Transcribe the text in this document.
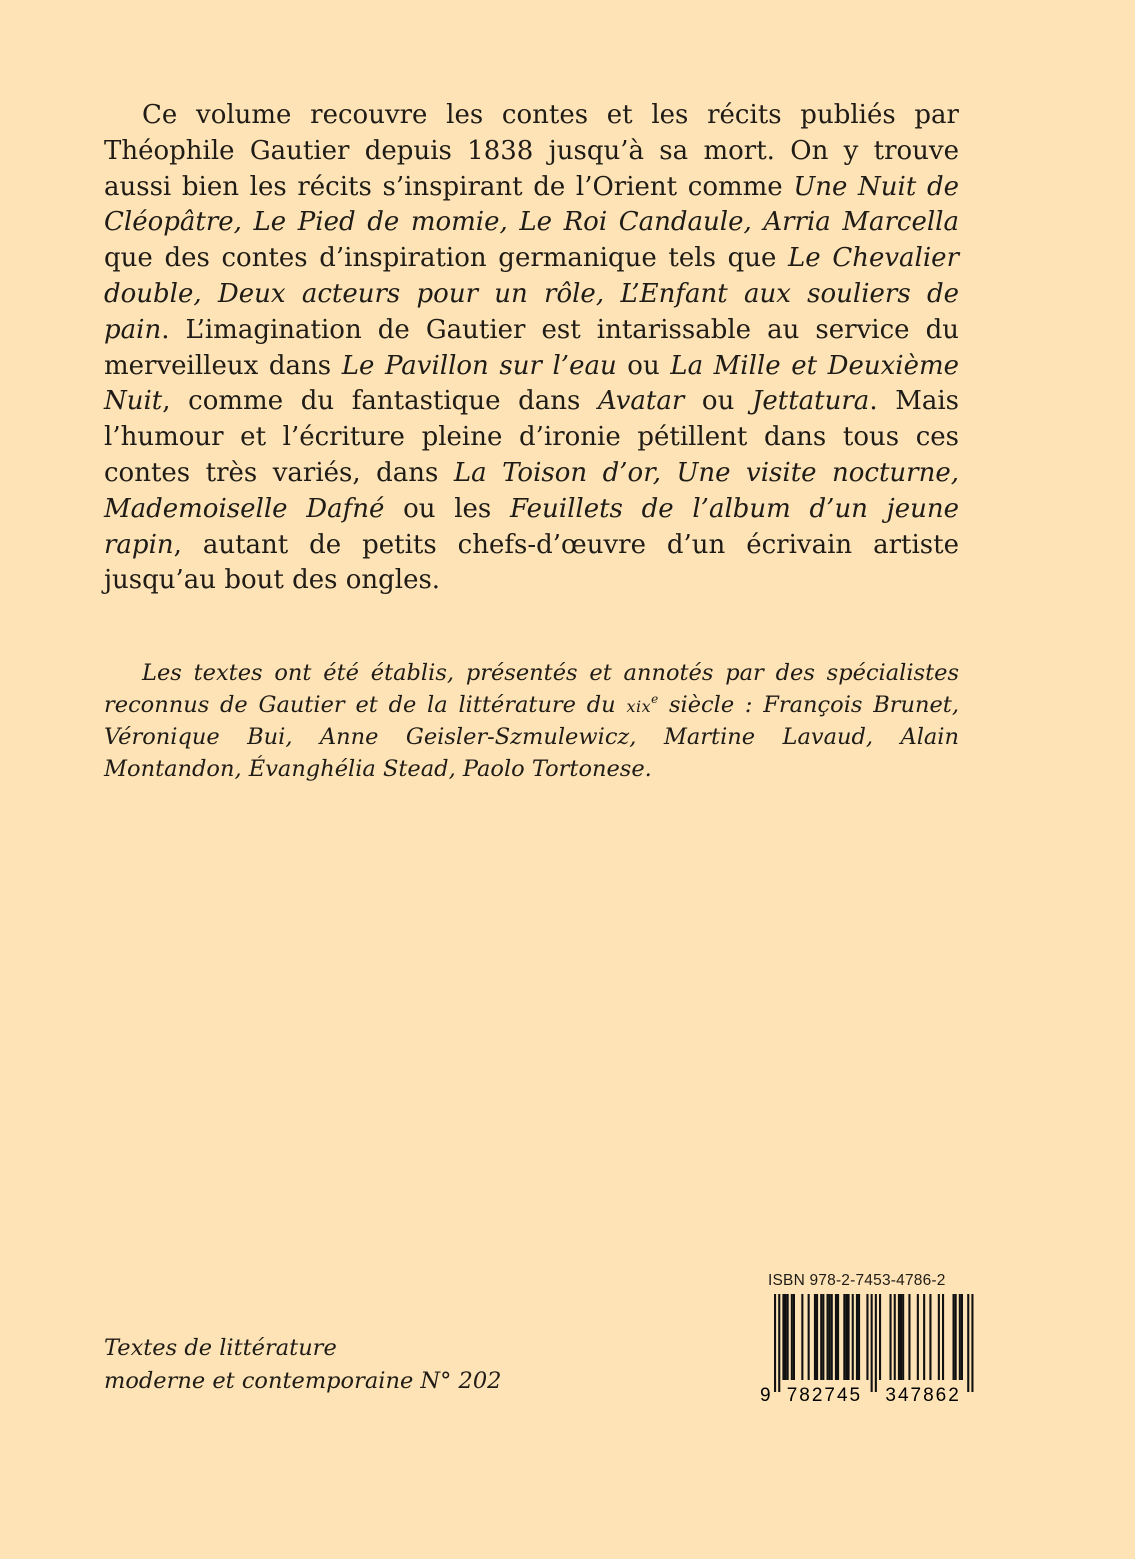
Ce volume recouvre les contes et les récits publiés par Théophile Gautier depuis 1838 jusqu’à sa mort. On y trouve aussi bien les récits s’inspirant de l’Orient comme Une Nuit de Cléopâtre, Le Pied de momie, Le Roi Candaule, Arria Marcella que des contes d’inspiration germanique tels que Le Chevalier double, Deux acteurs pour un rôle, L’Enfant aux souliers de pain. L’imagination de Gautier est intarissable au service du merveilleux dans Le Pavillon sur l’eau ou La Mille et Deuxième Nuit, comme du fantastique dans Avatar ou Jettatura. Mais l’humour et l’écriture pleine d’ironie pétillent dans tous ces contes très variés, dans La Toison d’or, Une visite nocturne, Mademoiselle Dafné ou les Feuillets de l’album d’un jeune rapin, autant de petits chefs-d’œuvre d’un écrivain artiste jusqu’au bout des ongles.

Les textes ont été établis, présentés et annotés par des spécialistes reconnus de Gautier et de la littérature du xix$^e$ siècle : François Brunet, Véronique Bui, Anne Geisler-Szmulewicz, Martine Lavaud, Alain Montandon, Évanghélia Stead, Paolo Tortonese.

Textes de littérature
moderne et contemporaine N° 202

ISBN 978-2-7453-4786-2
9 782745 347862
